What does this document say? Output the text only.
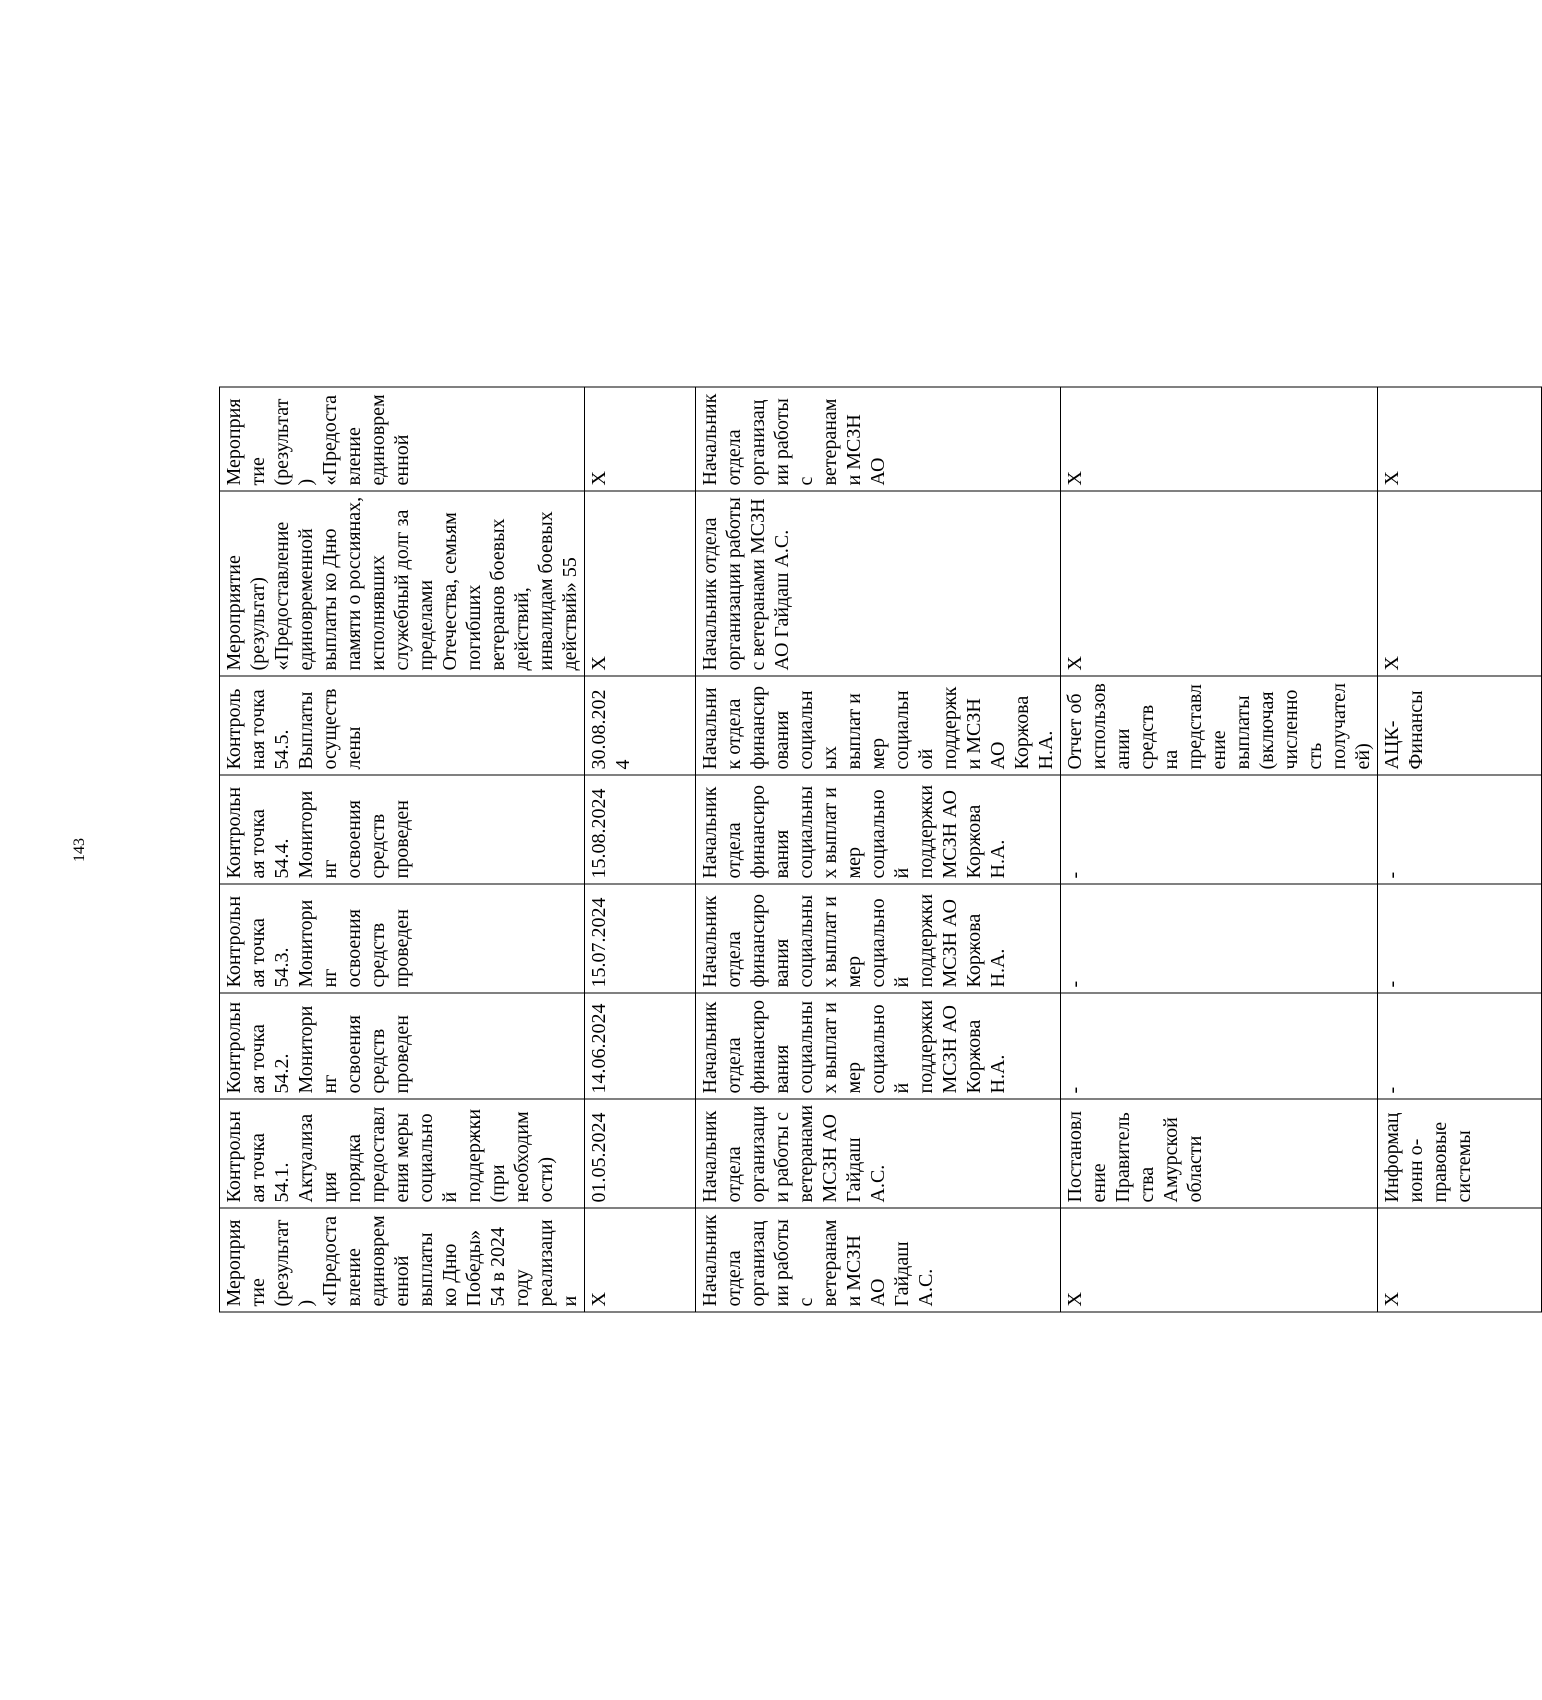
143
Мероприятие (результат) «Предоставление единовременной выплаты ко Дню Победы» 54 в 2024 году реализации	Контрольная точка 54.1. Актуализация порядка предоставления меры социальной поддержки (при необходимости)	Контрольная точка 54.2. Мониторинг освоения средств проведен	Контрольная точка 54.3. Мониторинг освоения средств проведен	Контрольная точка 54.4. Мониторинг освоения средств проведен	Контрольная точка 54.5. Выплаты осуществлены	Мероприятие (результат) «Предоставление единовременной выплаты ко Дню памяти о россиянах, исполнявших служебный долг за пределами Отечества, семьям погибших ветеранов боевых действий, инвалидам боевых действий» 55	Мероприятие (результат) «Предоставление единовременной
Х	01.05.2024	14.06.2024	15.07.2024	15.08.2024	30.08.2024	Х	Х
Начальник отдела организации работы с ветеранами МСЗН АО Гайдаш А.С.	Начальник отдела организации работы с ветеранами МСЗН АО Гайдаш А.С.	Начальник отдела финансирования социальных выплат и мер социальной поддержки МСЗН АО Коржова Н.А.	Начальник отдела финансирования социальных выплат и мер социальной поддержки МСЗН АО Коржова Н.А.	Начальник отдела финансирования социальных выплат и мер социальной поддержки МСЗН АО Коржова Н.А.	Начальник отдела финансирования социальных выплат и мер социальной поддержки МСЗН АО Коржова Н.А.	Начальник отдела организации работы с ветеранами МСЗН АО Гайдаш А.С.	Начальник отдела организации работы с ветеранами МСЗН АО
Х	Постановление Правительства Амурской области	-	-	-	Отчет об использовании средств на представление выплаты (включая численность получателей)	Х	Х
Х	Информационн о-правовые системы	-	-	-	АЦК-Финансы	Х	Х
